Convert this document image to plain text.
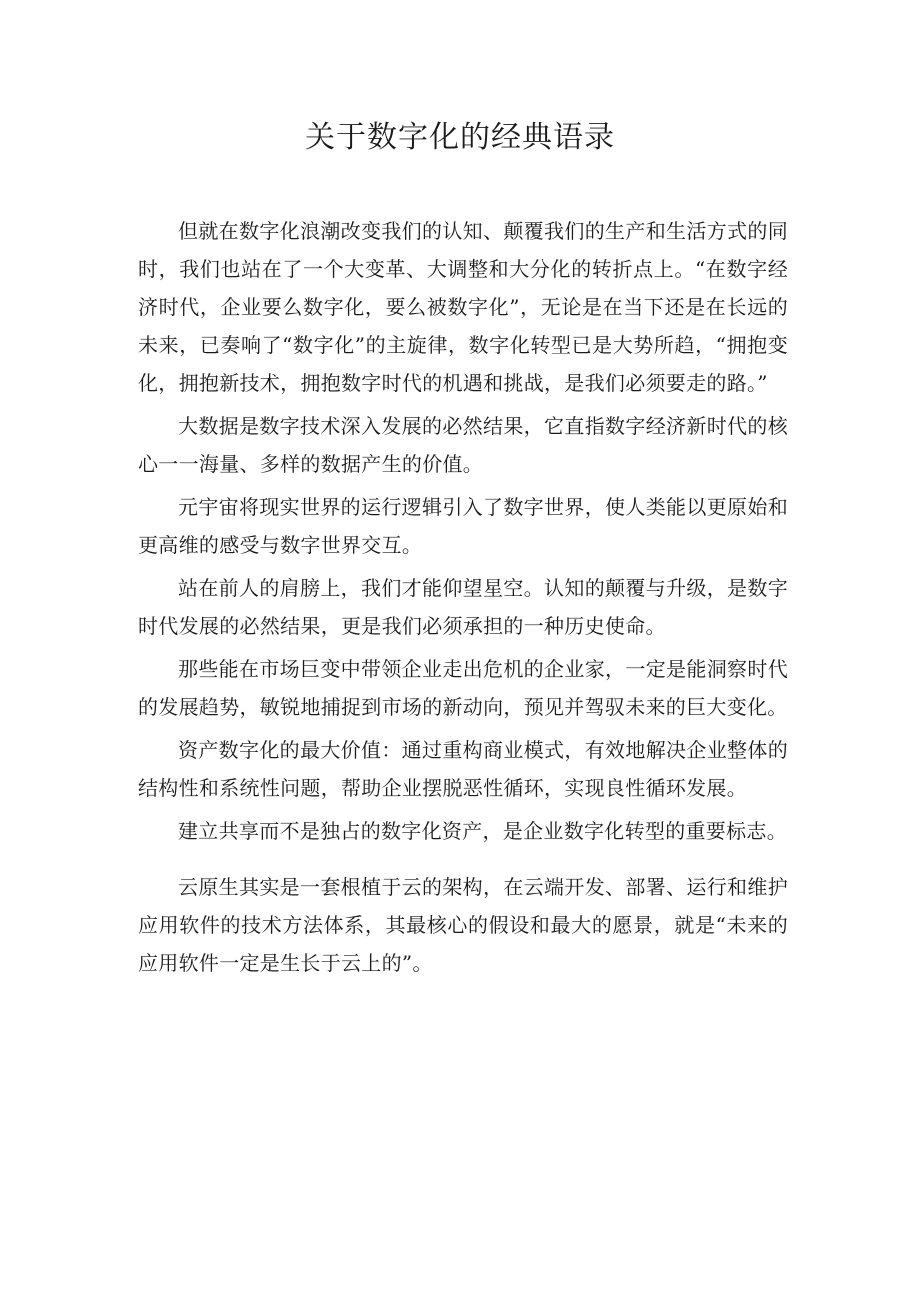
关于数字化的经典语录

但就在数字化浪潮改变我们的认知、颠覆我们的生产和生活方式的同时，我们也站在了一个大变革、大调整和大分化的转折点上。“在数字经济时代，企业要么数字化，要么被数字化”，无论是在当下还是在长远的未来，已奏响了“数字化”的主旋律，数字化转型已是大势所趋，“拥抱变化，拥抱新技术，拥抱数字时代的机遇和挑战，是我们必须要走的路。”

大数据是数字技术深入发展的必然结果，它直指数字经济新时代的核心一一海量、多样的数据产生的价值。

元宇宙将现实世界的运行逻辑引入了数字世界，使人类能以更原始和更高维的感受与数字世界交互。

站在前人的肩膀上，我们才能仰望星空。认知的颠覆与升级，是数字时代发展的必然结果，更是我们必须承担的一种历史使命。

那些能在市场巨变中带领企业走出危机的企业家，一定是能洞察时代的发展趋势，敏锐地捕捉到市场的新动向，预见并驾驭未来的巨大变化。

资产数字化的最大价值：通过重构商业模式，有效地解决企业整体的结构性和系统性问题，帮助企业摆脱恶性循环，实现良性循环发展。

建立共享而不是独占的数字化资产，是企业数字化转型的重要标志。

云原生其实是一套根植于云的架构，在云端开发、部署、运行和维护应用软件的技术方法体系，其最核心的假设和最大的愿景，就是“未来的应用软件一定是生长于云上的”。
